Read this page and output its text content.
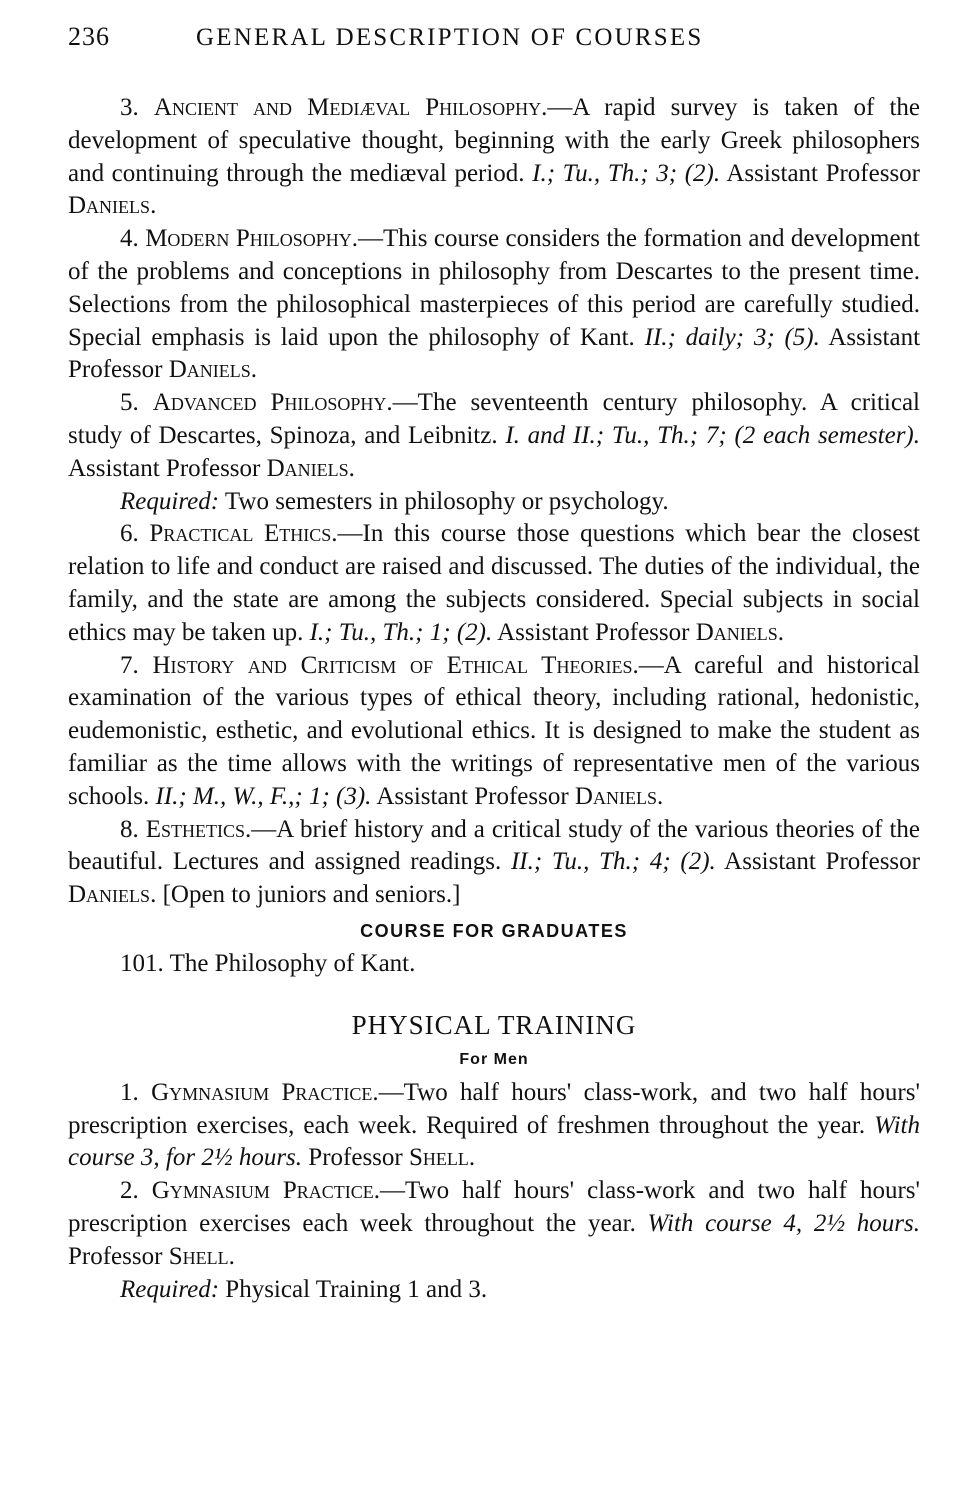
236	GENERAL DESCRIPTION OF COURSES

3. Ancient and Mediæval Philosophy.—A rapid survey is taken of the development of speculative thought, beginning with the early Greek philosophers and continuing through the mediæval period. I.; Tu., Th.; 3; (2). Assistant Professor Daniels.

4. Modern Philosophy.—This course considers the formation and development of the problems and conceptions in philosophy from Descartes to the present time. Selections from the philosophical masterpieces of this period are carefully studied. Special emphasis is laid upon the philosophy of Kant. II.; daily; 3; (5). Assistant Professor Daniels.

5. Advanced Philosophy.—The seventeenth century philosophy. A critical study of Descartes, Spinoza, and Leibnitz. I. and II.; Tu., Th.; 7; (2 each semester). Assistant Professor Daniels.

Required: Two semesters in philosophy or psychology.

6. Practical Ethics.—In this course those questions which bear the closest relation to life and conduct are raised and discussed. The duties of the individual, the family, and the state are among the subjects considered. Special subjects in social ethics may be taken up. I.; Tu., Th.; 1; (2). Assistant Professor Daniels.

7. History and Criticism of Ethical Theories.—A careful and historical examination of the various types of ethical theory, including rational, hedonistic, eudemonistic, esthetic, and evolutional ethics. It is designed to make the student as familiar as the time allows with the writings of representative men of the various schools. II.; M., W., F.,; 1; (3). Assistant Professor Daniels.

8. Esthetics.—A brief history and a critical study of the various theories of the beautiful. Lectures and assigned readings. II.; Tu., Th.; 4; (2). Assistant Professor Daniels. [Open to juniors and seniors.]

COURSE FOR GRADUATES

101. The Philosophy of Kant.

PHYSICAL TRAINING
For Men

1. Gymnasium Practice.—Two half hours' class-work, and two half hours' prescription exercises, each week. Required of freshmen throughout the year. With course 3, for 2½ hours. Professor Shell.

2. Gymnasium Practice.—Two half hours' class-work and two half hours' prescription exercises each week throughout the year. With course 4, 2½ hours. Professor Shell.

Required: Physical Training 1 and 3.
